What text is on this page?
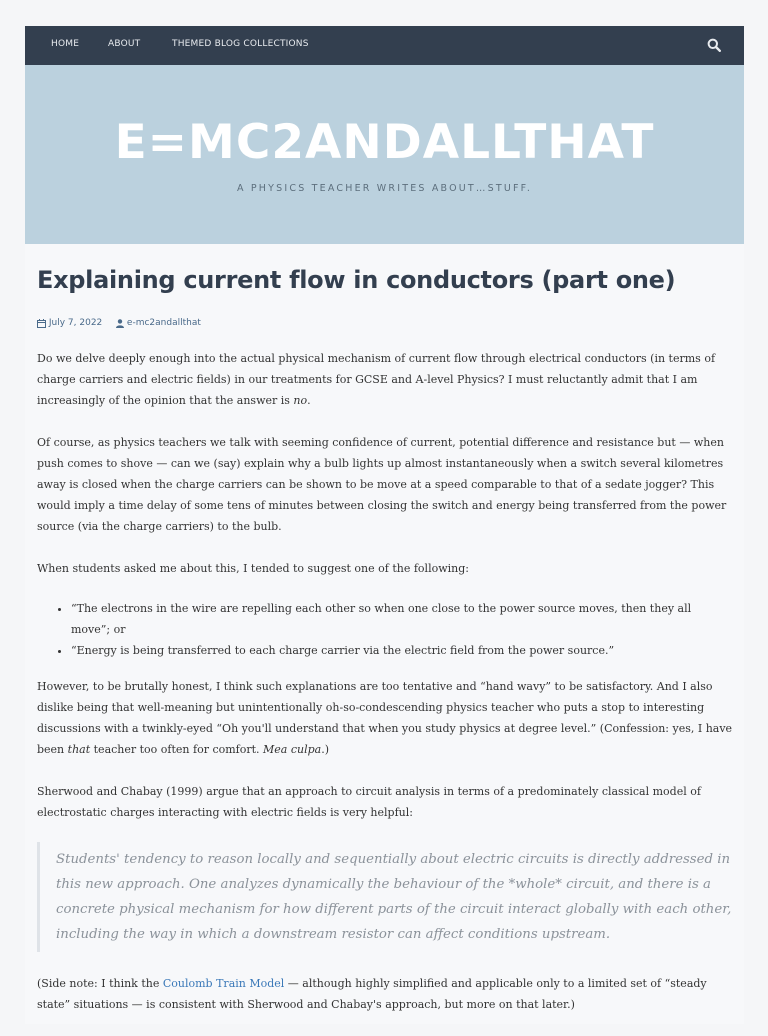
HOME	ABOUT	THEMED BLOG COLLECTIONS
E=MC2ANDALLTHAT
A PHYSICS TEACHER WRITES ABOUT…STUFF.
Explaining current flow in conductors (part one)
July 7, 2022	e-mc2andallthat

Do we delve deeply enough into the actual physical mechanism of current flow through electrical conductors (in terms of charge carriers and electric fields) in our treatments for GCSE and A-level Physics? I must reluctantly admit that I am increasingly of the opinion that the answer is no.

Of course, as physics teachers we talk with seeming confidence of current, potential difference and resistance but — when push comes to shove — can we (say) explain why a bulb lights up almost instantaneously when a switch several kilometres away is closed when the charge carriers can be shown to be move at a speed comparable to that of a sedate jogger? This would imply a time delay of some tens of minutes between closing the switch and energy being transferred from the power source (via the charge carriers) to the bulb.

When students asked me about this, I tended to suggest one of the following:

• “The electrons in the wire are repelling each other so when one close to the power source moves, then they all move”; or
• “Energy is being transferred to each charge carrier via the electric field from the power source.”

However, to be brutally honest, I think such explanations are too tentative and “hand wavy” to be satisfactory. And I also dislike being that well-meaning but unintentionally oh-so-condescending physics teacher who puts a stop to interesting discussions with a twinkly-eyed “Oh you'll understand that when you study physics at degree level.” (Confession: yes, I have been that teacher too often for comfort. Mea culpa.)

Sherwood and Chabay (1999) argue that an approach to circuit analysis in terms of a predominately classical model of electrostatic charges interacting with electric fields is very helpful:

Students' tendency to reason locally and sequentially about electric circuits is directly addressed in this new approach. One analyzes dynamically the behaviour of the *whole* circuit, and there is a concrete physical mechanism for how different parts of the circuit interact globally with each other, including the way in which a downstream resistor can affect conditions upstream.

(Side note: I think the Coulomb Train Model — although highly simplified and applicable only to a limited set of “steady state” situations — is consistent with Sherwood and Chabay's approach, but more on that later.)
